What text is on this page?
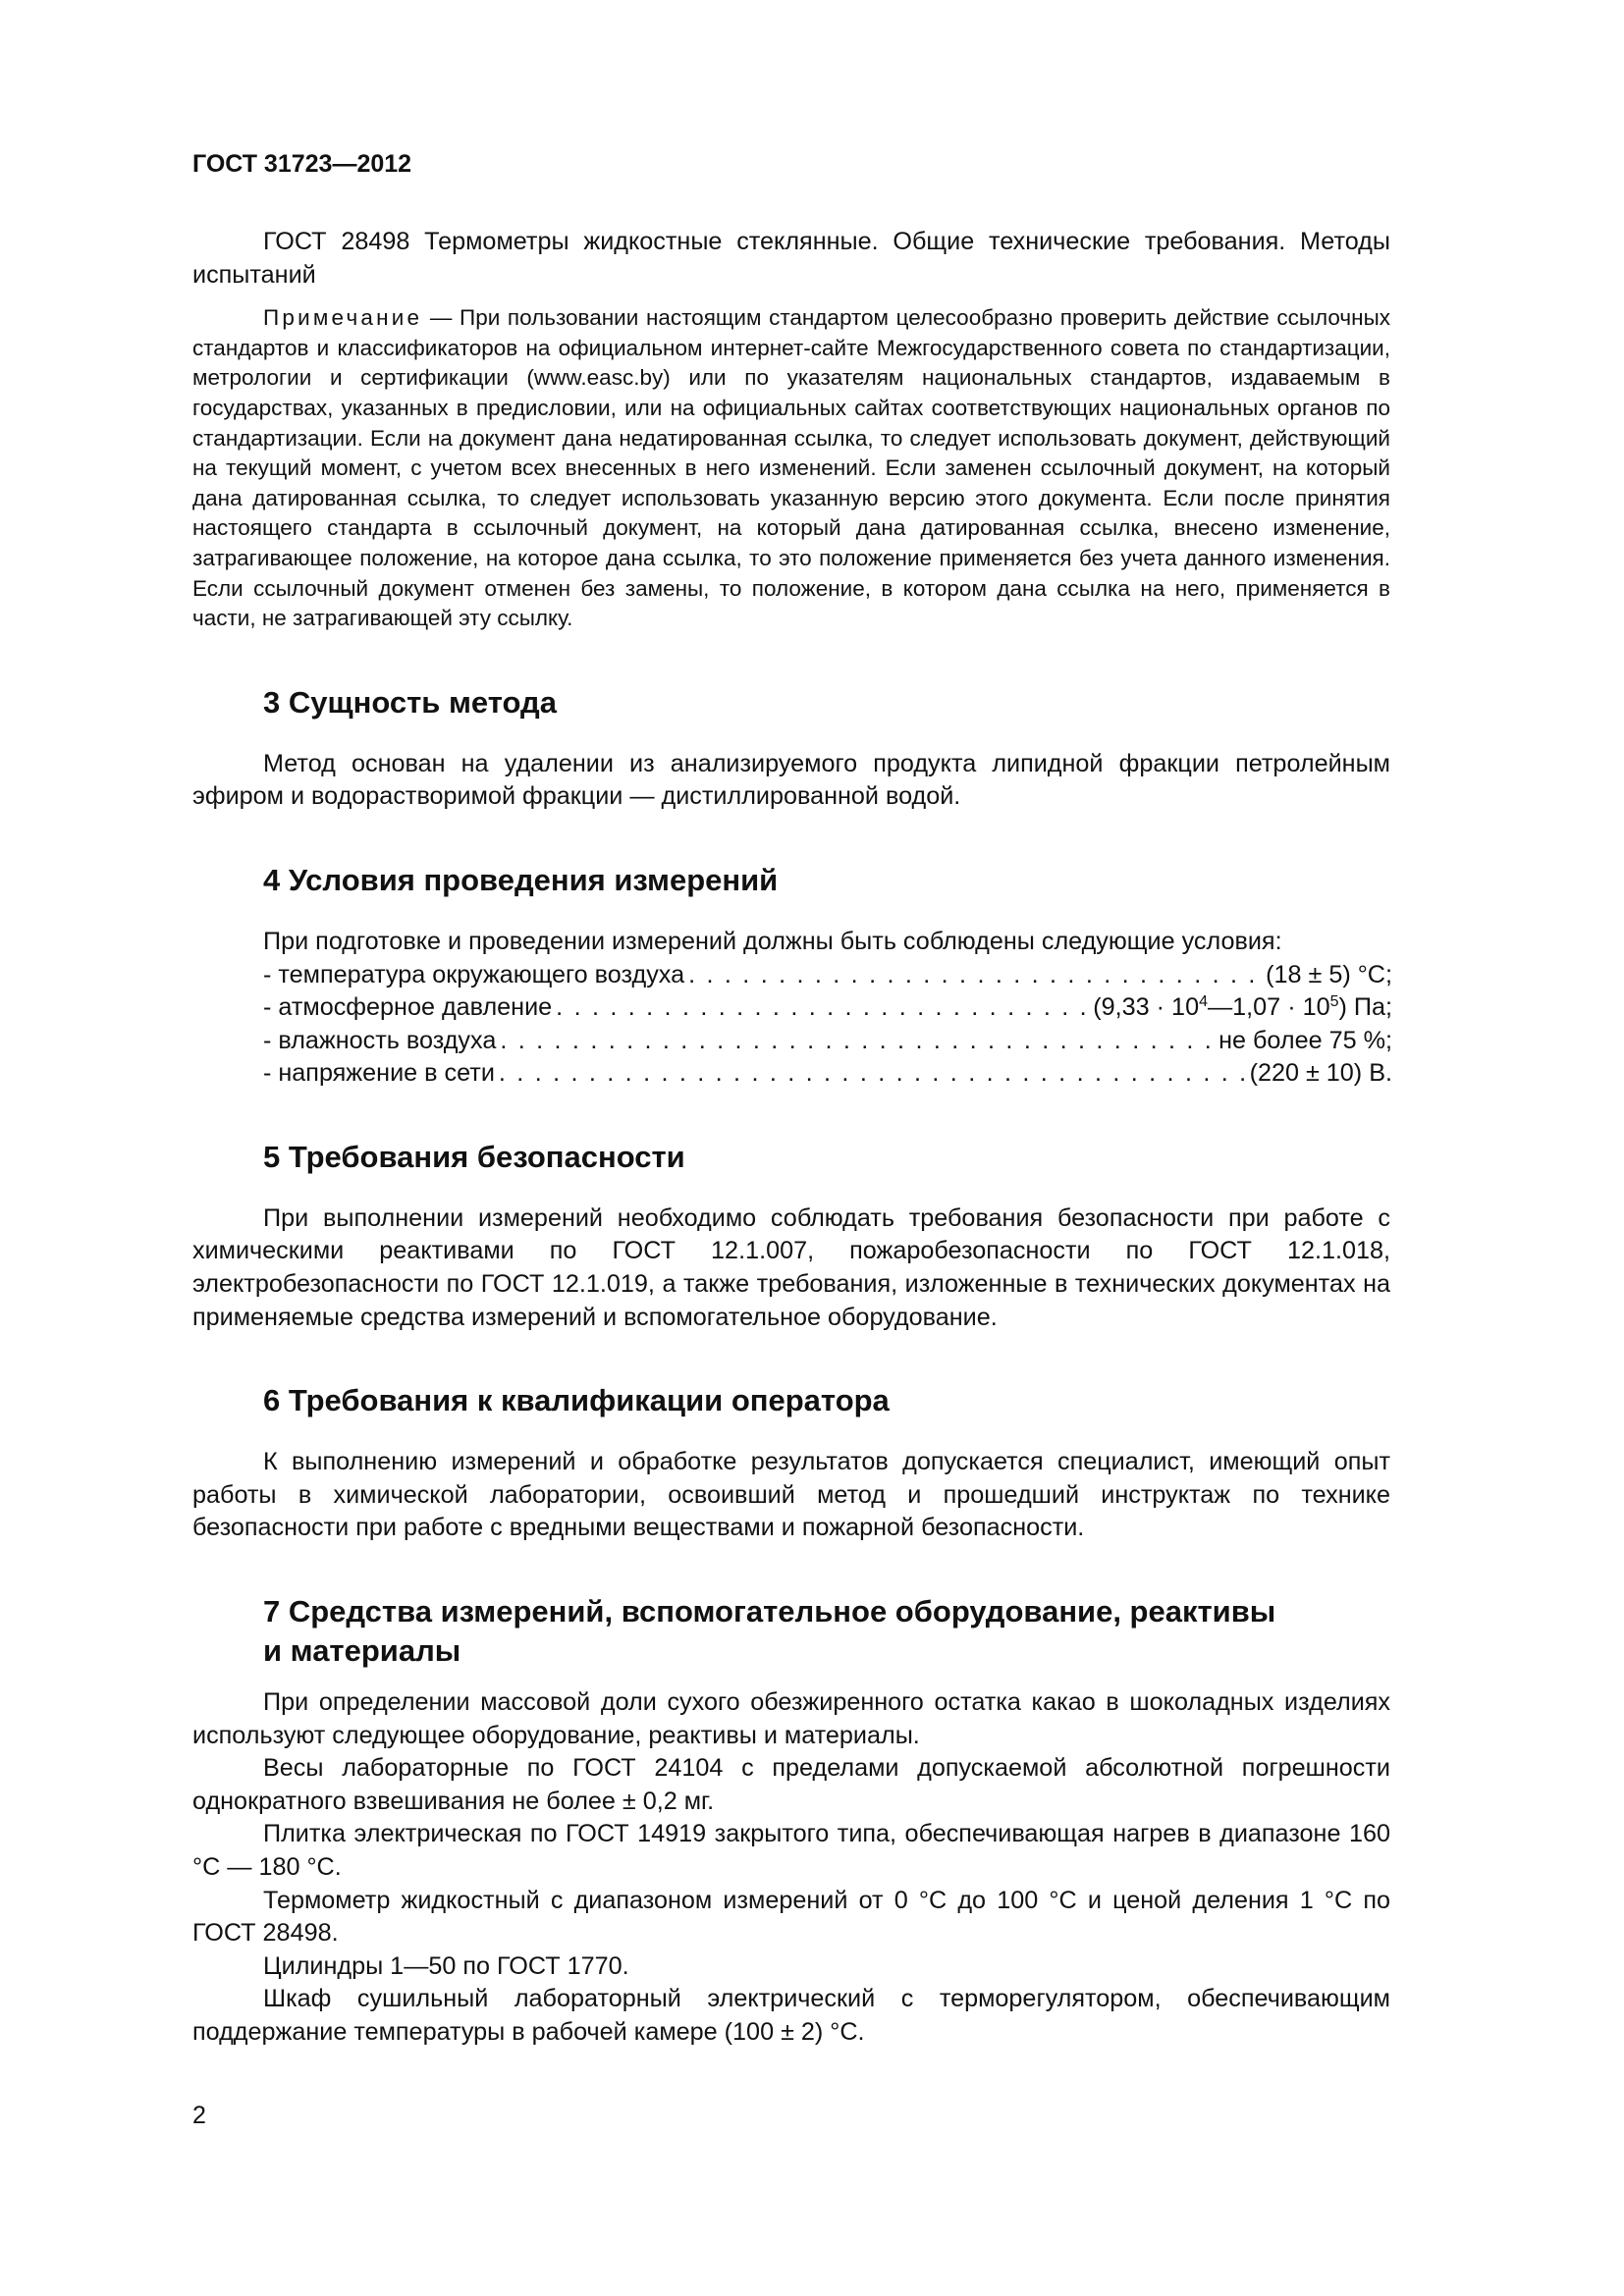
ГОСТ 31723—2012

ГОСТ 28498 Термометры жидкостные стеклянные. Общие технические требования. Методы испытаний

Примечание — При пользовании настоящим стандартом целесообразно проверить действие ссылочных стандартов и классификаторов на официальном интернет-сайте Межгосударственного совета по стандартизации, метрологии и сертификации (www.easc.by) или по указателям национальных стандартов, издаваемым в государствах, указанных в предисловии, или на официальных сайтах соответствующих национальных органов по стандартизации. Если на документ дана недатированная ссылка, то следует использовать документ, действующий на текущий момент, с учетом всех внесенных в него изменений. Если заменен ссылочный документ, на который дана датированная ссылка, то следует использовать указанную версию этого документа. Если после принятия настоящего стандарта в ссылочный документ, на который дана датированная ссылка, внесено изменение, затрагивающее положение, на которое дана ссылка, то это положение применяется без учета данного изменения. Если ссылочный документ отменен без замены, то положение, в котором дана ссылка на него, применяется в части, не затрагивающей эту ссылку.
3 Сущность метода

Метод основан на удалении из анализируемого продукта липидной фракции петролейным эфиром и водорастворимой фракции — дистиллированной водой.

4 Условия проведения измерений
При подготовке и проведении измерений должны быть соблюдены следующие условия:
- температура окружающего воздуха . . .	(18 ± 5) °С;
- атмосферное давление . . .	$(9,33 \cdot 10^4—1,07 \cdot 10^5)$ Па;
- влажность воздуха . . .	не более 75 %;
- напряжение в сети . . .	(220 ± 10) В.
5 Требования безопасности

При выполнении измерений необходимо соблюдать требования безопасности при работе с химическими реактивами по ГОСТ 12.1.007, пожаробезопасности по ГОСТ 12.1.018, электробезопасности по ГОСТ 12.1.019, а также требования, изложенные в технических документах на применяемые средства измерений и вспомогательное оборудование.

6 Требования к квалификации оператора

К выполнению измерений и обработке результатов допускается специалист, имеющий опыт работы в химической лаборатории, освоивший метод и прошедший инструктаж по технике безопасности при работе с вредными веществами и пожарной безопасности.

7 Средства измерений, вспомогательное оборудование, реактивы
и материалы

При определении массовой доли сухого обезжиренного остатка какао в шоколадных изделиях используют следующее оборудование, реактивы и материалы.

Весы лабораторные по ГОСТ 24104 с пределами допускаемой абсолютной погрешности однократного взвешивания не более ± 0,2 мг.

Плитка электрическая по ГОСТ 14919 закрытого типа, обеспечивающая нагрев в диапазоне 160 °С — 180 °С.

Термометр жидкостный с диапазоном измерений от 0 °С до 100 °С и ценой деления 1 °С по ГОСТ 28498.

Цилиндры 1—50 по ГОСТ 1770.

Шкаф сушильный лабораторный электрический с терморегулятором, обеспечивающим поддержание температуры в рабочей камере (100 ± 2) °С.

2
